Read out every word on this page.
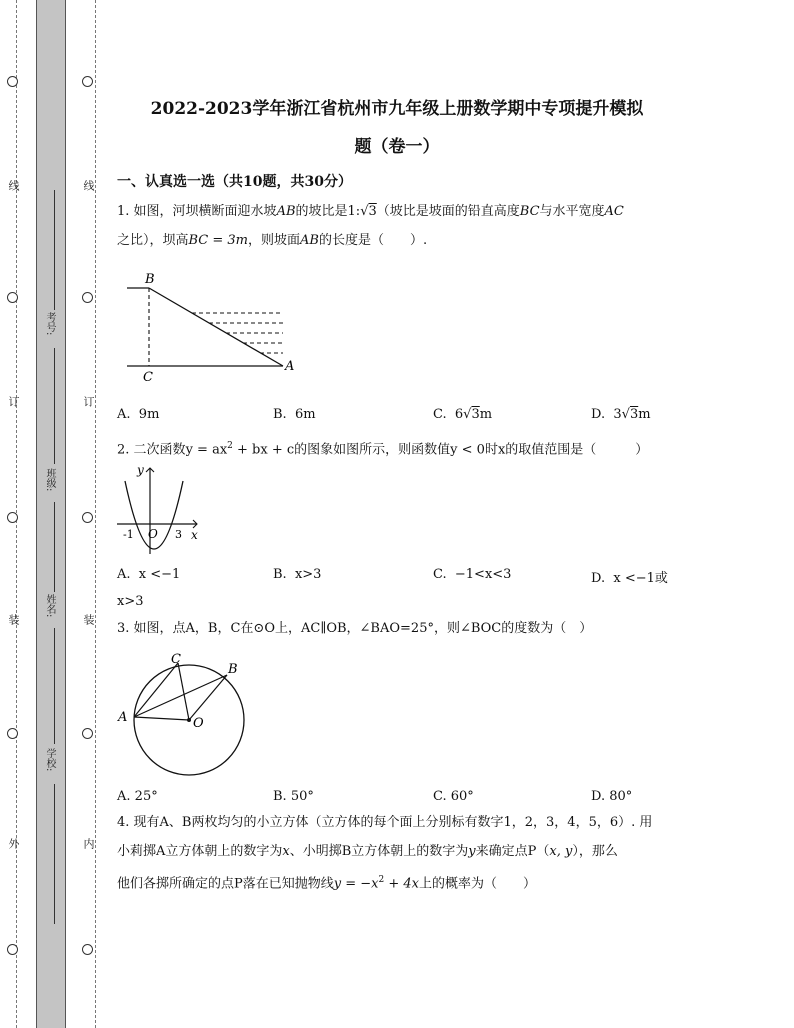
线
订
装
外
线
订
装
内
考号:
班级:
姓名:
学校:
2022-2023学年浙江省杭州市九年级上册数学期中专项提升模拟
题（卷一）
一、认真选一选（共10题，共30分）
1. 如图，河坝横断面迎水坡AB的坡比是1:√3（坡比是坡面的铅直高度BC与水平宽度AC
之比），坝高BC = 3m，则坡面AB的长度是（　　）.
B
C
A
A. 9m	B. 6m	C. 6√3m	D. 3√3m
2. 二次函数$y = ax^2$ + bx + c的图象如图所示，则函数值y < 0时x的取值范围是（　　　）
y
x
-1 O 3
A. x <−1	B. x>3	C. −1<x<3	D. x <−1或
x>3
3. 如图，点A，B，C在⊙O上，AC∥OB，∠BAO=25°，则∠BOC的度数为（　）
A
C
B
O
A. 25°	B. 50°	C. 60°	D. 80°
4. 现有A、B两枚均匀的小立方体（立方体的每个面上分别标有数字1，2，3，4，5，6）. 用
小莉掷A立方体朝上的数字为x、小明掷B立方体朝上的数字为y来确定点P（x, y），那么
他们各掷所确定的点P落在已知抛物线$y = -x^2 + 4x$上的概率为（　　）
